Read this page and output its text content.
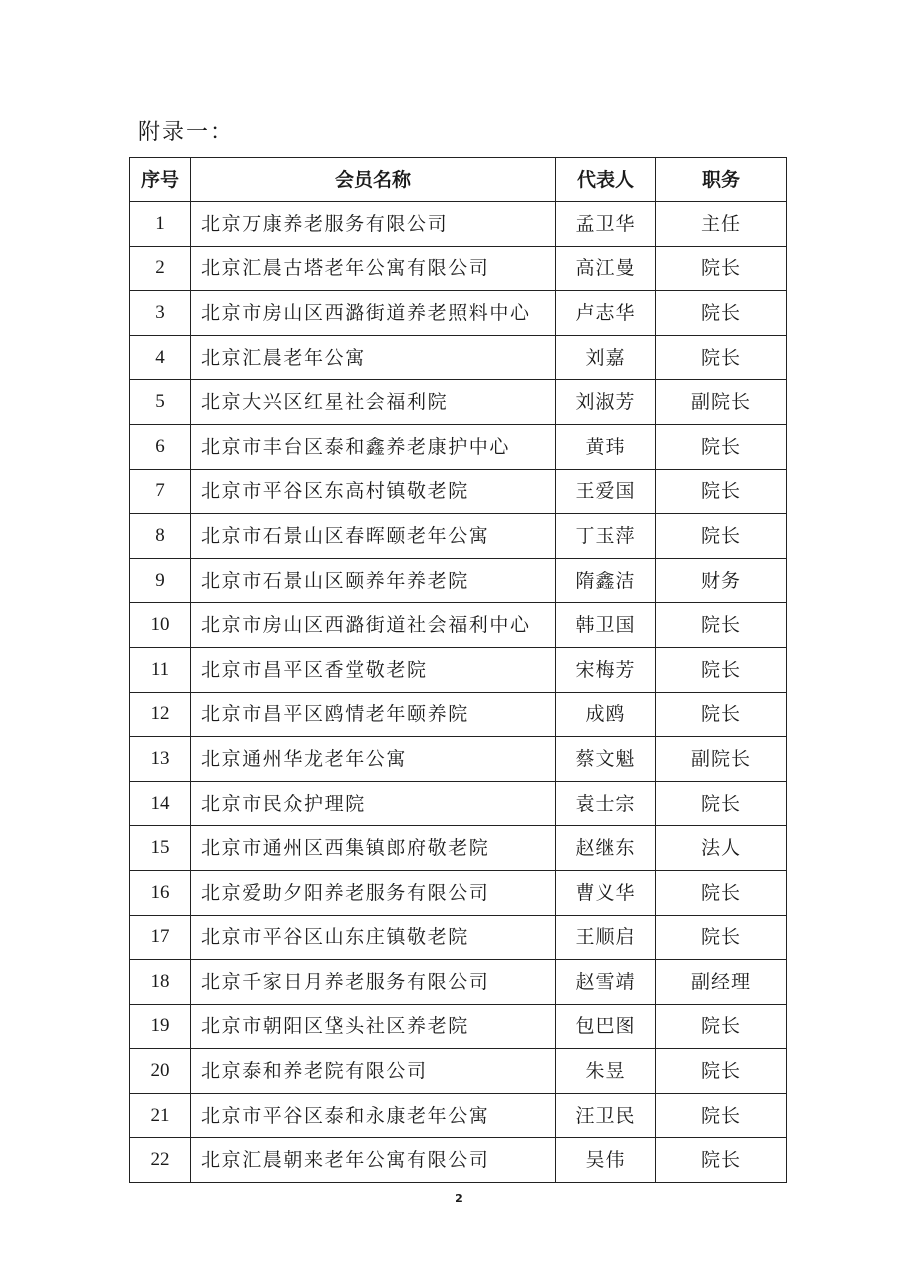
附录一：
序号	会员名称	代表人	职务
1	北京万康养老服务有限公司	孟卫华	主任
2	北京汇晨古塔老年公寓有限公司	高江曼	院长
3	北京市房山区西潞街道养老照料中心	卢志华	院长
4	北京汇晨老年公寓	刘嘉	院长
5	北京大兴区红星社会福利院	刘淑芳	副院长
6	北京市丰台区泰和鑫养老康护中心	黄玮	院长
7	北京市平谷区东高村镇敬老院	王爱国	院长
8	北京市石景山区春晖颐老年公寓	丁玉萍	院长
9	北京市石景山区颐养年养老院	隋鑫洁	财务
10	北京市房山区西潞街道社会福利中心	韩卫国	院长
11	北京市昌平区香堂敬老院	宋梅芳	院长
12	北京市昌平区鸥情老年颐养院	成鸥	院长
13	北京通州华龙老年公寓	蔡文魁	副院长
14	北京市民众护理院	袁士宗	院长
15	北京市通州区西集镇郎府敬老院	赵继东	法人
16	北京爱助夕阳养老服务有限公司	曹义华	院长
17	北京市平谷区山东庄镇敬老院	王顺启	院长
18	北京千家日月养老服务有限公司	赵雪靖	副经理
19	北京市朝阳区垡头社区养老院	包巴图	院长
20	北京泰和养老院有限公司	朱昱	院长
21	北京市平谷区泰和永康老年公寓	汪卫民	院长
22	北京汇晨朝来老年公寓有限公司	吴伟	院长
2
